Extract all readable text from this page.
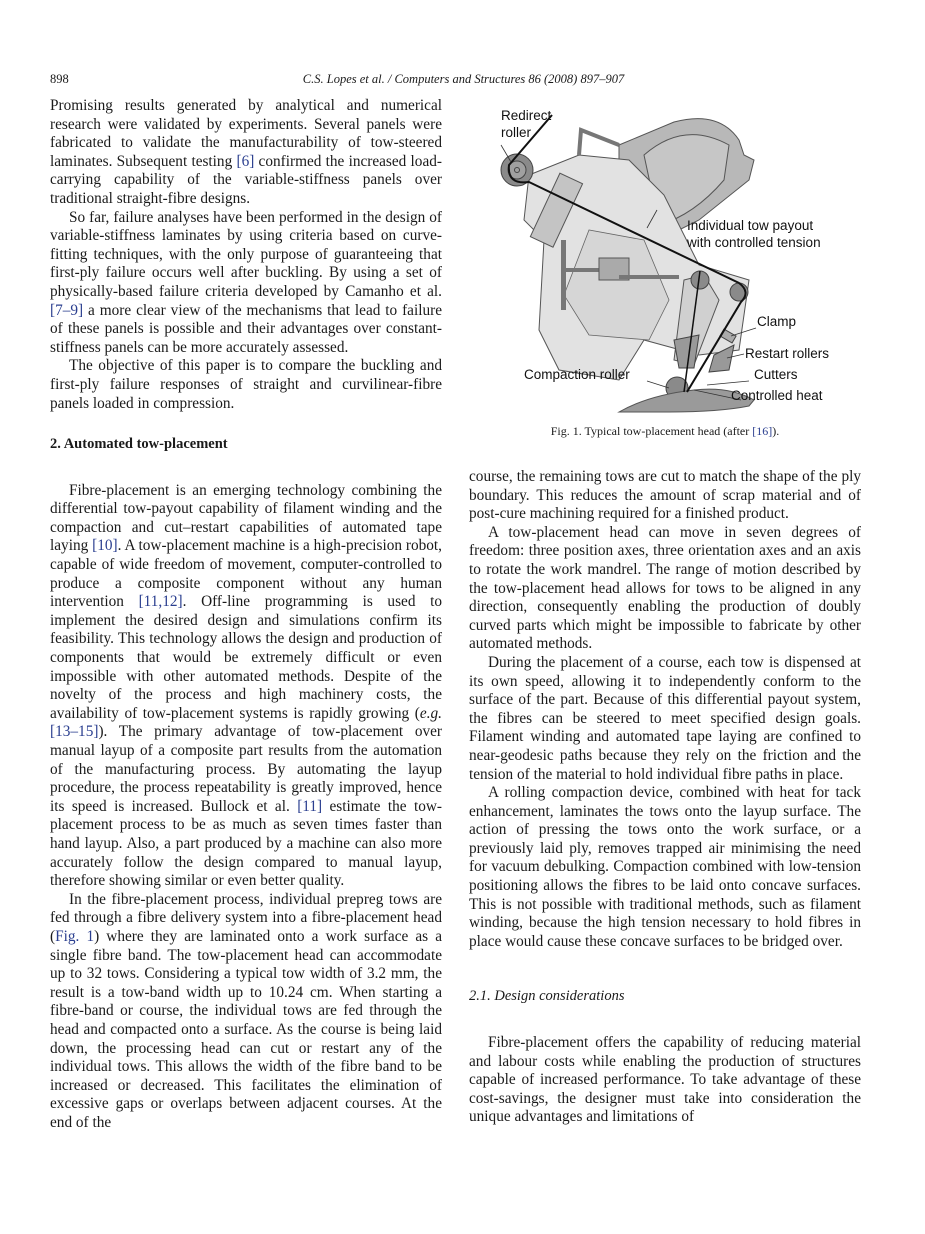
898	C.S. Lopes et al. / Computers and Structures 86 (2008) 897–907

Promising results generated by analytical and numerical research were validated by experiments. Several panels were fabricated to validate the manufacturability of tow-steered laminates. Subsequent testing [6] confirmed the increased load-carrying capability of the variable-stiffness panels over traditional straight-fibre designs.

So far, failure analyses have been performed in the design of variable-stiffness laminates by using criteria based on curve-fitting techniques, with the only purpose of guaranteeing that first-ply failure occurs well after buckling. By using a set of physically-based failure criteria developed by Camanho et al. [7–9] a more clear view of the mechanisms that lead to failure of these panels is possible and their advantages over constant-stiffness panels can be more accurately assessed.

The objective of this paper is to compare the buckling and first-ply failure responses of straight and curvilinear-fibre panels loaded in compression.

2. Automated tow-placement

Fibre-placement is an emerging technology combining the differential tow-payout capability of filament winding and the compaction and cut–restart capabilities of automated tape laying [10]. A tow-placement machine is a high-precision robot, capable of wide freedom of movement, computer-controlled to produce a composite component without any human intervention [11,12]. Off-line programming is used to implement the desired design and simulations confirm its feasibility. This technology allows the design and production of components that would be extremely difficult or even impossible with other automated methods. Despite of the novelty of the process and high machinery costs, the availability of tow-placement systems is rapidly growing (e.g. [13–15]). The primary advantage of tow-placement over manual layup of a composite part results from the automation of the manufacturing process. By automating the layup procedure, the process repeatability is greatly improved, hence its speed is increased. Bullock et al. [11] estimate the tow-placement process to be as much as seven times faster than hand layup. Also, a part produced by a machine can also more accurately follow the design compared to manual layup, therefore showing similar or even better quality.

In the fibre-placement process, individual prepreg tows are fed through a fibre delivery system into a fibre-placement head (Fig. 1) where they are laminated onto a work surface as a single fibre band. The tow-placement head can accommodate up to 32 tows. Considering a typical tow width of 3.2 mm, the result is a tow-band width up to 10.24 cm. When starting a fibre-band or course, the individual tows are fed through the head and compacted onto a surface. As the course is being laid down, the processing head can cut or restart any of the individual tows. This allows the width of the fibre band to be increased or decreased. This facilitates the elimination of excessive gaps or overlaps between adjacent courses. At the end of the

Redirect
roller
Individual tow payout
with controlled tension
Clamp
Restart rollers
Compaction roller	Cutters
Controlled heat
Fig. 1. Typical tow-placement head (after [16]).

course, the remaining tows are cut to match the shape of the ply boundary. This reduces the amount of scrap material and of post-cure machining required for a finished product.

A tow-placement head can move in seven degrees of freedom: three position axes, three orientation axes and an axis to rotate the work mandrel. The range of motion described by the tow-placement head allows for tows to be aligned in any direction, consequently enabling the production of doubly curved parts which might be impossible to fabricate by other automated methods.

During the placement of a course, each tow is dispensed at its own speed, allowing it to independently conform to the surface of the part. Because of this differential payout system, the fibres can be steered to meet specified design goals. Filament winding and automated tape laying are confined to near-geodesic paths because they rely on the friction and the tension of the material to hold individual fibre paths in place.

A rolling compaction device, combined with heat for tack enhancement, laminates the tows onto the layup surface. The action of pressing the tows onto the work surface, or a previously laid ply, removes trapped air minimising the need for vacuum debulking. Compaction combined with low-tension positioning allows the fibres to be laid onto concave surfaces. This is not possible with traditional methods, such as filament winding, because the high tension necessary to hold fibres in place would cause these concave surfaces to be bridged over.

2.1. Design considerations

Fibre-placement offers the capability of reducing material and labour costs while enabling the production of structures capable of increased performance. To take advantage of these cost-savings, the designer must take into consideration the unique advantages and limitations of
